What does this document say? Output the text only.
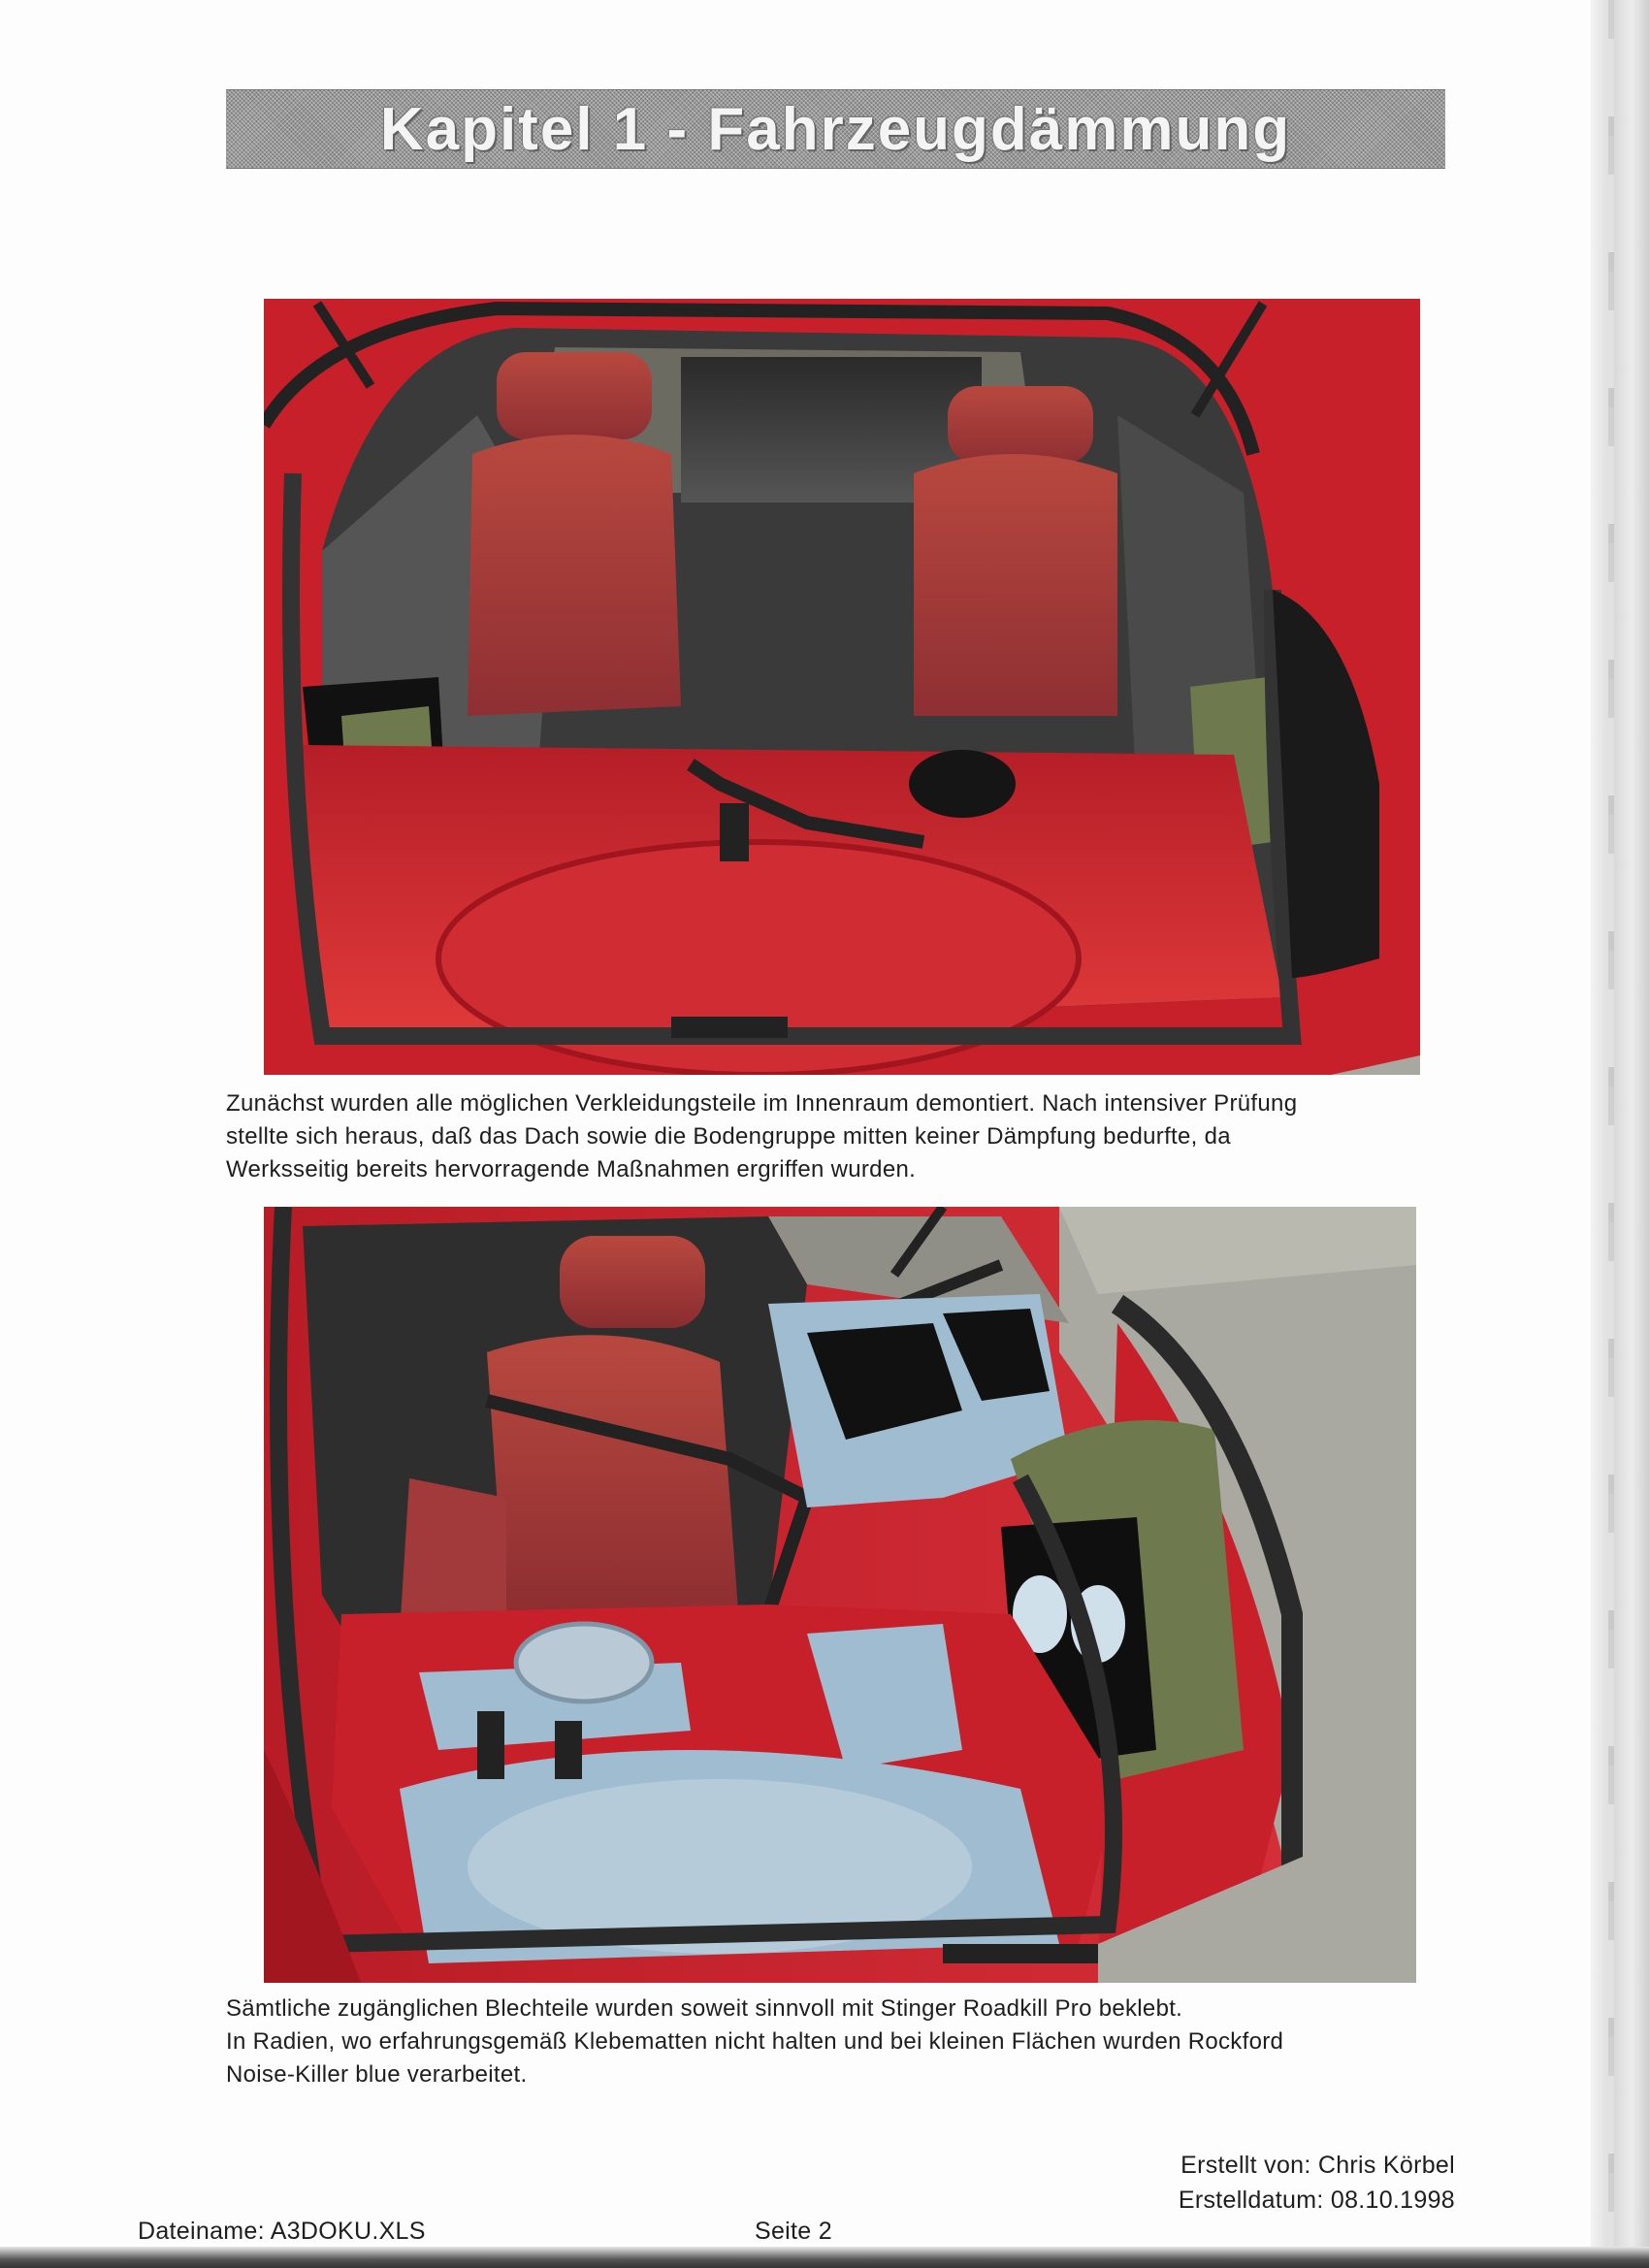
Kapitel 1 - Fahrzeugdämmung

Zunächst wurden alle möglichen Verkleidungsteile im Innenraum demontiert. Nach intensiver Prüfung

stellte sich heraus, daß das Dach sowie die Bodengruppe mitten keiner Dämpfung bedurfte, da

Werksseitig bereits hervorragende Maßnahmen ergriffen wurden.

Sämtliche zugänglichen Blechteile wurden soweit sinnvoll mit Stinger Roadkill Pro beklebt.

In Radien, wo erfahrungsgemäß Klebematten nicht halten und bei kleinen Flächen wurden Rockford

Noise-Killer blue verarbeitet.

Dateiname: A3DOKU.XLS	Seite 2
Erstellt von: Chris Körbel
Erstelldatum: 08.10.1998
